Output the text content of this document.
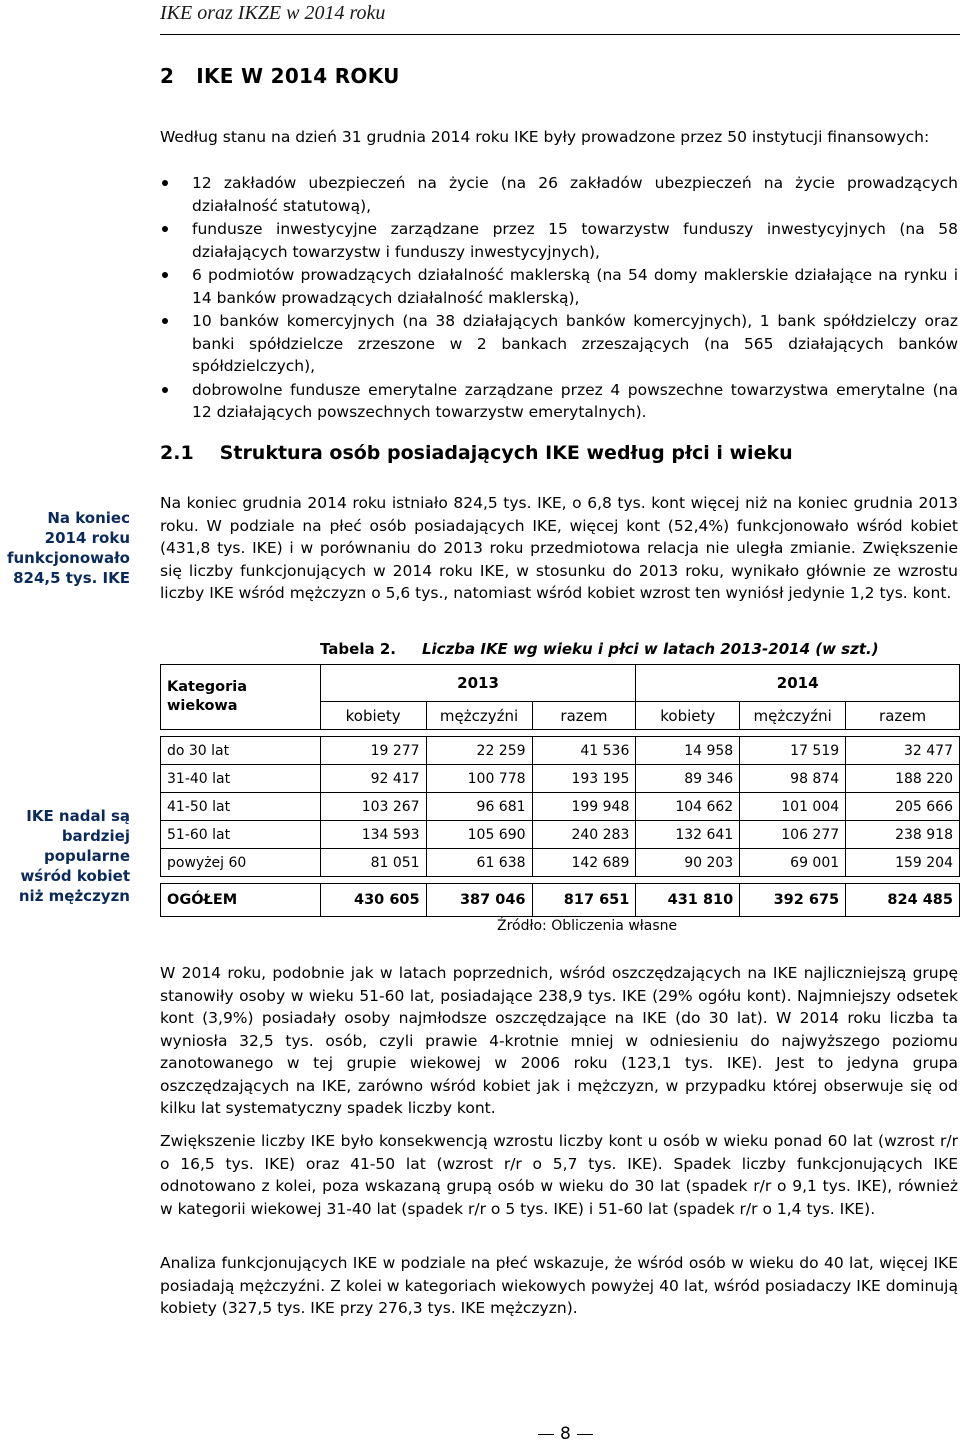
IKE oraz IKZE w 2014 roku
2 IKE W 2014 ROKU
Według stanu na dzień 31 grudnia 2014 roku IKE były prowadzone przez 50 instytucji finansowych:
12 zakładów ubezpieczeń na życie (na 26 zakładów ubezpieczeń na życie prowadzących działalność statutową),
fundusze inwestycyjne zarządzane przez 15 towarzystw funduszy inwestycyjnych (na 58 działających towarzystw i funduszy inwestycyjnych),
6 podmiotów prowadzących działalność maklerską (na 54 domy maklerskie działające na rynku i 14 banków prowadzących działalność maklerską),
10 banków komercyjnych (na 38 działających banków komercyjnych), 1 bank spółdzielczy oraz banki spółdzielcze zrzeszone w 2 bankach zrzeszających (na 565 działających banków spółdzielczych),
dobrowolne fundusze emerytalne zarządzane przez 4 powszechne towarzystwa emerytalne (na 12 działających powszechnych towarzystw emerytalnych).
2.1 Struktura osób posiadających IKE według płci i wieku
Na koniec 2014 roku funkcjonowało 824,5 tys. IKE
IKE nadal są bardziej popularne wśród kobiet niż mężczyzn
Na koniec grudnia 2014 roku istniało 824,5 tys. IKE, o 6,8 tys. kont więcej niż na koniec grudnia 2013 roku. W podziale na płeć osób posiadających IKE, więcej kont (52,4%) funkcjonowało wśród kobiet (431,8 tys. IKE) i w porównaniu do 2013 roku przedmiotowa relacja nie uległa zmianie. Zwiększenie się liczby funkcjonujących w 2014 roku IKE, w stosunku do 2013 roku, wynikało głównie ze wzrostu liczby IKE wśród mężczyzn o 5,6 tys., natomiast wśród kobiet wzrost ten wyniósł jedynie 1,2 tys. kont.
Tabela 2. Liczba IKE wg wieku i płci w latach 2013-2014 (w szt.)
Kategoria wiekowa	2013			2014		
	kobiety	mężczyźni	razem	kobiety	mężczyźni	razem

do 30 lat	19 277	22 259	41 536	14 958	17 519	32 477
31-40 lat	92 417	100 778	193 195	89 346	98 874	188 220
41-50 lat	103 267	96 681	199 948	104 662	101 004	205 666
51-60 lat	134 593	105 690	240 283	132 641	106 277	238 918
powyżej 60	81 051	61 638	142 689	90 203	69 001	159 204

OGÓŁEM	430 605	387 046	817 651	431 810	392 675	824 485
Źródło: Obliczenia własne
W 2014 roku, podobnie jak w latach poprzednich, wśród oszczędzających na IKE najliczniejszą grupę stanowiły osoby w wieku 51-60 lat, posiadające 238,9 tys. IKE (29% ogółu kont). Najmniejszy odsetek kont (3,9%) posiadały osoby najmłodsze oszczędzające na IKE (do 30 lat). W 2014 roku liczba ta wyniosła 32,5 tys. osób, czyli prawie 4-krotnie mniej w odniesieniu do najwyższego poziomu zanotowanego w tej grupie wiekowej w 2006 roku (123,1 tys. IKE). Jest to jedyna grupa oszczędzających na IKE, zarówno wśród kobiet jak i mężczyzn, w przypadku której obserwuje się od kilku lat systematyczny spadek liczby kont.
Zwiększenie liczby IKE było konsekwencją wzrostu liczby kont u osób w wieku ponad 60 lat (wzrost r/r o 16,5 tys. IKE) oraz 41-50 lat (wzrost r/r o 5,7 tys. IKE). Spadek liczby funkcjonujących IKE odnotowano z kolei, poza wskazaną grupą osób w wieku do 30 lat (spadek r/r o 9,1 tys. IKE), również w kategorii wiekowej 31-40 lat (spadek r/r o 5 tys. IKE) i 51-60 lat (spadek r/r o 1,4 tys. IKE).
Analiza funkcjonujących IKE w podziale na płeć wskazuje, że wśród osób w wieku do 40 lat, więcej IKE posiadają mężczyźni. Z kolei w kategoriach wiekowych powyżej 40 lat, wśród posiadaczy IKE dominują kobiety (327,5 tys. IKE przy 276,3 tys. IKE mężczyzn).
8
